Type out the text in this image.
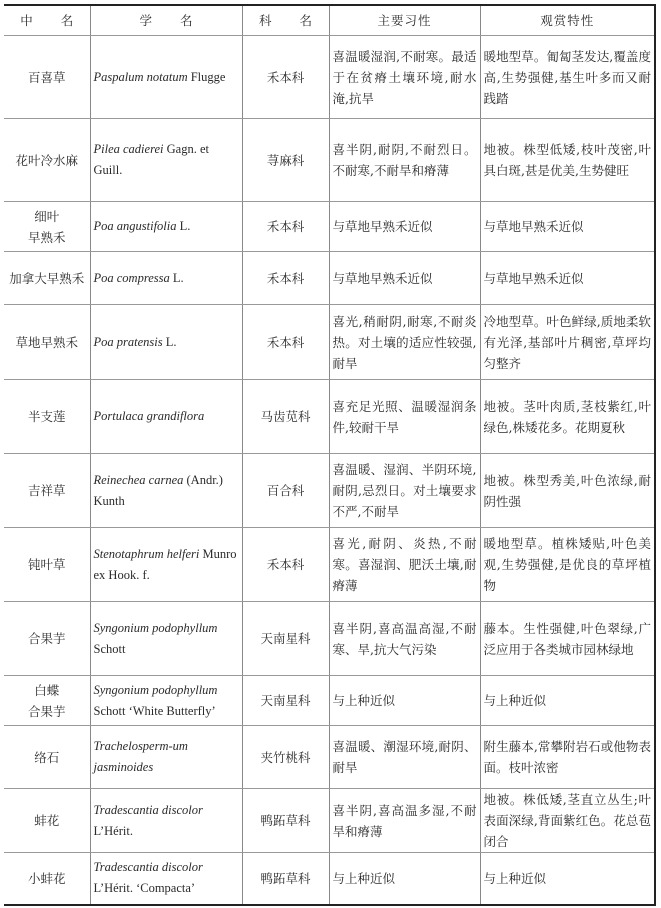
中 名	学 名	科 名	主要习性	观赏特性

百喜草	Paspalum notatum Flugge	禾本科	喜温暖湿润,不耐寒。最适于在贫瘠土壤环境,耐水淹,抗旱	暖地型草。匍匐茎发达,覆盖度高,生势强健,基生叶多而又耐践踏

花叶冷水麻	Pilea cadierei Gagn. et Guill.	荨麻科	喜半阴,耐阴,不耐烈日。不耐寒,不耐旱和瘠薄	地被。株型低矮,枝叶茂密,叶具白斑,甚是优美,生势健旺

细叶
早熟禾	Poa angustifolia L.	禾本科	与草地早熟禾近似	与草地早熟禾近似

加拿大早熟禾	Poa compressa L.	禾本科	与草地早熟禾近似	与草地早熟禾近似

草地早熟禾	Poa pratensis L.	禾本科	喜光,稍耐阴,耐寒,不耐炎热。对土壤的适应性较强,耐旱	冷地型草。叶色鲜绿,质地柔软有光泽,基部叶片稠密,草坪均匀整齐

半支莲	Portulaca grandiflora	马齿苋科	喜充足光照、温暖湿润条件,较耐干旱	地被。茎叶肉质,茎枝紫红,叶绿色,株矮花多。花期夏秋

吉祥草	Reinechea carnea (Andr.) Kunth	百合科	喜温暖、湿润、半阴环境,耐阴,忌烈日。对土壤要求不严,不耐旱	地被。株型秀美,叶色浓绿,耐阴性强

钝叶草	Stenotaphrum helferi Munro ex Hook. f.	禾本科	喜光,耐阴、炎热,不耐寒。喜湿润、肥沃土壤,耐瘠薄	暖地型草。植株矮贴,叶色美观,生势强健,是优良的草坪植物

合果芋	Syngonium podophyllum Schott	天南星科	喜半阴,喜高温高湿,不耐寒、旱,抗大气污染	藤本。生性强健,叶色翠绿,广泛应用于各类城市园林绿地

白蝶
合果芋	Syngonium podophyllum Schott ‘White Butterfly’	天南星科	与上种近似	与上种近似

络石	Trachelosperm-um jasminoides	夹竹桃科	喜温暖、潮湿环境,耐阴、耐旱	附生藤本,常攀附岩石或他物表面。枝叶浓密

蚌花	Tradescantia discolor L’Hérit.	鸭跖草科	喜半阴,喜高温多湿,不耐旱和瘠薄	地被。株低矮,茎直立丛生;叶表面深绿,背面紫红色。花总苞闭合

小蚌花	Tradescantia discolor L’Hérit. ‘Compacta’	鸭跖草科	与上种近似	与上种近似
